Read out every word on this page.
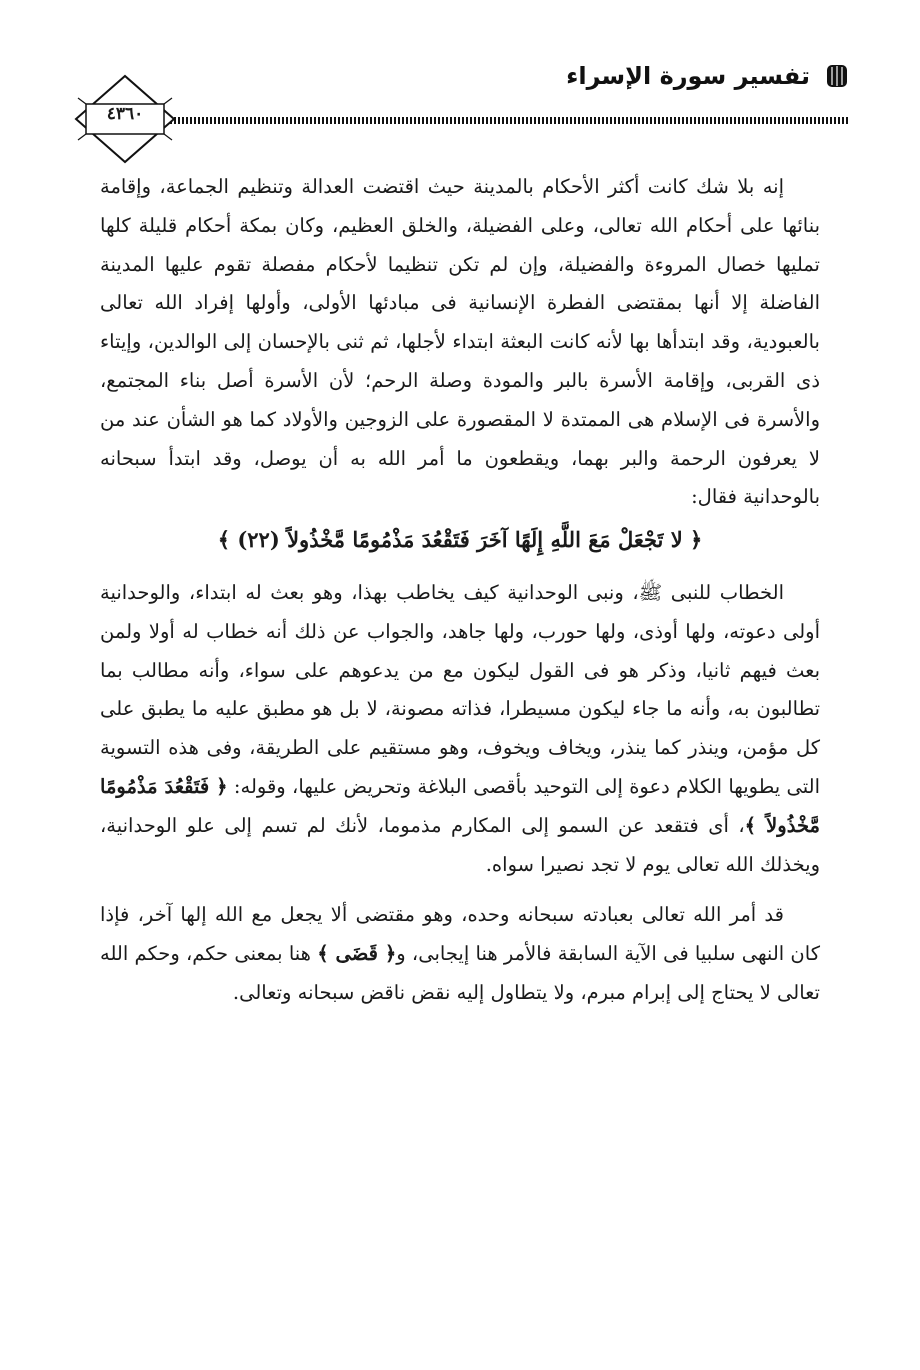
تفسير سورة الإسراء
٤٣٦٠

إنه بلا شك كانت أكثر الأحكام بالمدينة حيث اقتضت العدالة وتنظيم الجماعة، وإقامة بنائها على أحكام الله تعالى، وعلى الفضيلة، والخلق العظيم، وكان بمكة أحكام قليلة كلها تمليها خصال المروءة والفضيلة، وإن لم تكن تنظيما لأحكام مفصلة تقوم عليها المدينة الفاضلة إلا أنها بمقتضى الفطرة الإنسانية فى مبادئها الأولى، وأولها إفراد الله تعالى بالعبودية، وقد ابتدأها بها لأنه كانت البعثة ابتداء لأجلها، ثم ثنى بالإحسان إلى الوالدين، وإيتاء ذى القربى، وإقامة الأسرة بالبر والمودة وصلة الرحم؛ لأن الأسرة أصل بناء المجتمع، والأسرة فى الإسلام هى الممتدة لا المقصورة على الزوجين والأولاد كما هو الشأن عند من لا يعرفون الرحمة والبر بهما، ويقطعون ما أمر الله به أن يوصل، وقد ابتدأ سبحانه بالوحدانية فقال:

﴿ لا تَجْعَلْ مَعَ اللَّهِ إِلَهًا آخَرَ فَتَقْعُدَ مَذْمُومًا مَّخْذُولاً (٢٢) ﴾

الخطاب للنبى ﷺ، ونبى الوحدانية كيف يخاطب بهذا، وهو بعث له ابتداء، والوحدانية أولى دعوته، ولها أوذى، ولها حورب، ولها جاهد، والجواب عن ذلك أنه خطاب له أولا ولمن بعث فيهم ثانيا، وذكر هو فى القول ليكون مع من يدعوهم على سواء، وأنه مطالب بما تطالبون به، وأنه ما جاء ليكون مسيطرا، فذاته مصونة، لا بل هو مطبق عليه ما يطبق على كل مؤمن، وينذر كما ينذر، ويخاف ويخوف، وهو مستقيم على الطريقة، وفى هذه التسوية التى يطويها الكلام دعوة إلى التوحيد بأقصى البلاغة وتحريض عليها، وقوله: ﴿ فَتَقْعُدَ مَذْمُومًا مَّخْذُولاً ﴾، أى فتقعد عن السمو إلى المكارم مذموما، لأنك لم تسم إلى علو الوحدانية، ويخذلك الله تعالى يوم لا تجد نصيرا سواه.

قد أمر الله تعالى بعبادته سبحانه وحده، وهو مقتضى ألا يجعل مع الله إلها آخر، فإذا كان النهى سلبيا فى الآية السابقة فالأمر هنا إيجابى، و﴿ قَضَى ﴾ هنا بمعنى حكم، وحكم الله تعالى لا يحتاج إلى إبرام مبرم، ولا يتطاول إليه نقض ناقض سبحانه وتعالى.
